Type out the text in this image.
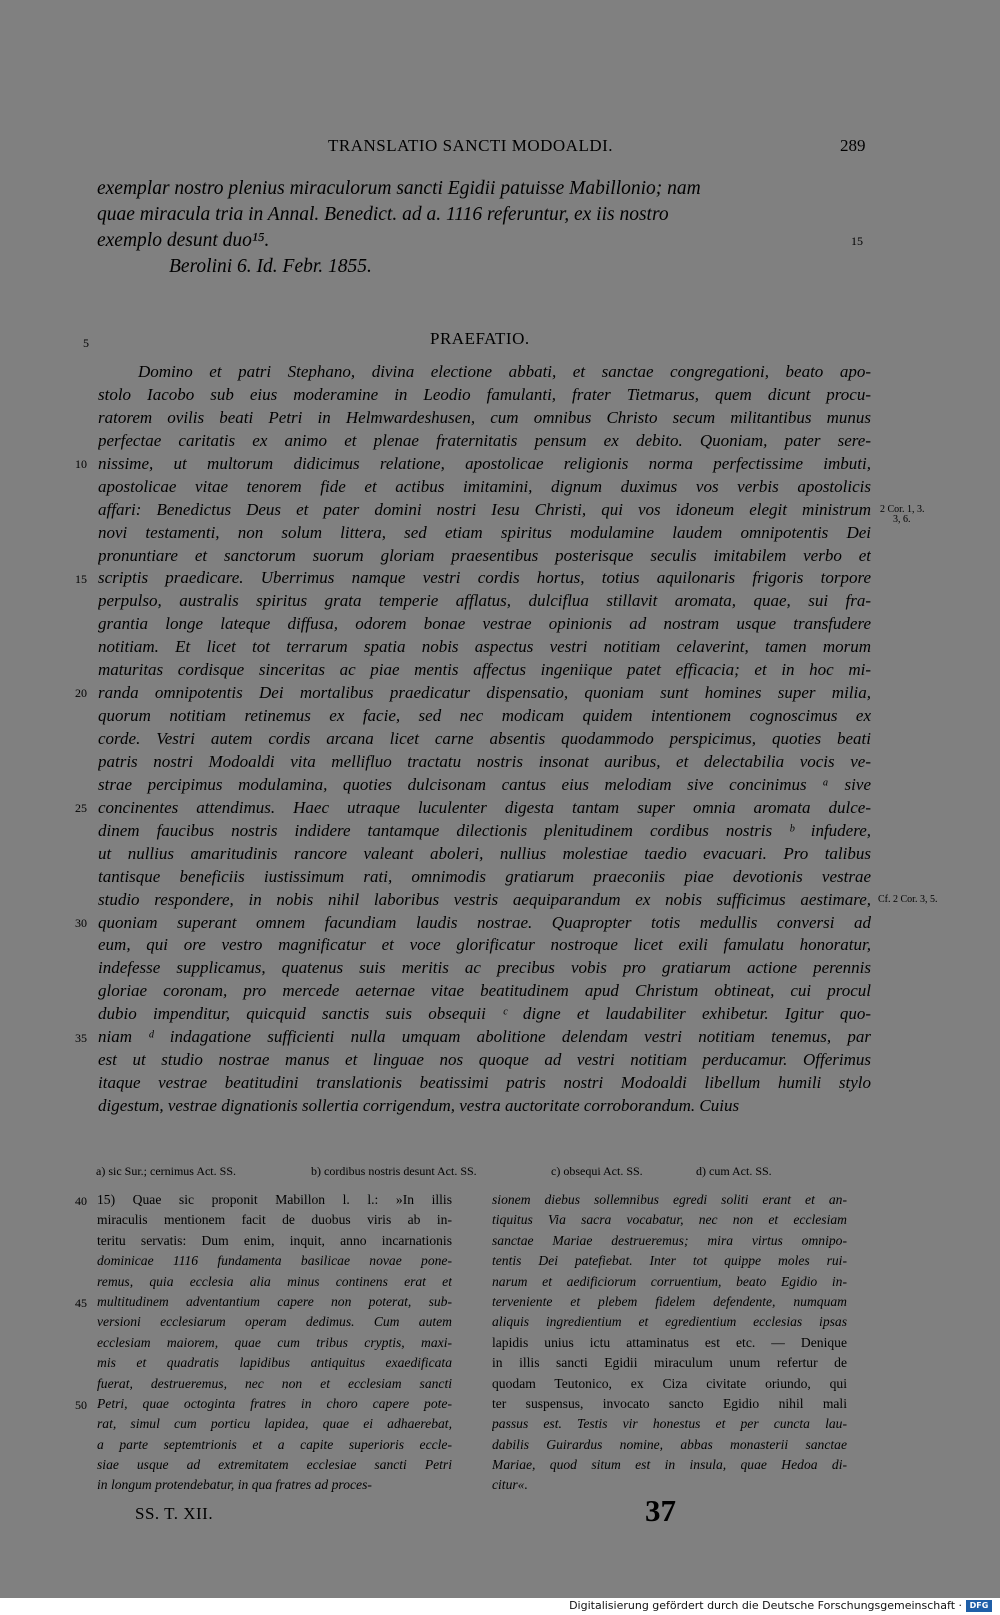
TRANSLATIO SANCTI MODOALDI.	289
exemplar nostro plenius miraculorum sancti Egidii patuisse Mabillonio; nam
quae miracula tria in Annal. Benedict. ad a. 1116 referuntur, ex iis nostro
exemplo desunt duo¹⁵.
Berolini 6. Id. Febr. 1855.
15
5	PRAEFATIO.
Domino et patri Stephano, divina electione abbati, et sanctae congregationi, beato apo-
stolo Iacobo sub eius moderamine in Leodio famulanti, frater Tietmarus, quem dicunt procu-
ratorem ovilis beati Petri in Helmwardeshusen, cum omnibus Christo secum militantibus munus
perfectae caritatis ex animo et plenae fraternitatis pensum ex debito. Quoniam, pater sere-
nissime, ut multorum didicimus relatione, apostolicae religionis norma perfectissime imbuti,
apostolicae vitae tenorem fide et actibus imitamini, dignum duximus vos verbis apostolicis
affari: Benedictus Deus et pater domini nostri Iesu Christi, qui vos idoneum elegit ministrum
novi testamenti, non solum littera, sed etiam spiritus modulamine laudem omnipotentis Dei
pronuntiare et sanctorum suorum gloriam praesentibus posterisque seculis imitabilem verbo et
scriptis praedicare. Uberrimus namque vestri cordis hortus, totius aquilonaris frigoris torpore
perpulso, australis spiritus grata temperie afflatus, dulciflua stillavit aromata, quae, sui fra-
grantia longe lateque diffusa, odorem bonae vestrae opinionis ad nostram usque transfudere
notitiam. Et licet tot terrarum spatia nobis aspectus vestri notitiam celaverint, tamen morum
maturitas cordisque sinceritas ac piae mentis affectus ingeniique patet efficacia; et in hoc mi-
randa omnipotentis Dei mortalibus praedicatur dispensatio, quoniam sunt homines super milia,
quorum notitiam retinemus ex facie, sed nec modicam quidem intentionem cognoscimus ex
corde. Vestri autem cordis arcana licet carne absentis quodammodo perspicimus, quoties beati
patris nostri Modoaldi vita mellifluo tractatu nostris insonat auribus, et delectabilia vocis ve-
strae percipimus modulamina, quoties dulcisonam cantus eius melodiam sive concinimus ᵃ sive
concinentes attendimus. Haec utraque luculenter digesta tantam super omnia aromata dulce-
dinem faucibus nostris indidere tantamque dilectionis plenitudinem cordibus nostris ᵇ infudere,
ut nullius amaritudinis rancore valeant aboleri, nullius molestiae taedio evacuari. Pro talibus
tantisque beneficiis iustissimum rati, omnimodis gratiarum praeconiis piae devotionis vestrae
studio respondere, in nobis nihil laboribus vestris aequiparandum ex nobis sufficimus aestimare,
quoniam superant omnem facundiam laudis nostrae. Quapropter totis medullis conversi ad
eum, qui ore vestro magnificatur et voce glorificatur nostroque licet exili famulatu honoratur,
indefesse supplicamus, quatenus suis meritis ac precibus vobis pro gratiarum actione perennis
gloriae coronam, pro mercede aeternae vitae beatitudinem apud Christum obtineat, cui procul
dubio impenditur, quicquid sanctis suis obsequii ᶜ digne et laudabiliter exhibetur. Igitur quo-
niam ᵈ indagatione sufficienti nulla umquam abolitione delendam vestri notitiam tenemus, par
est ut studio nostrae manus et linguae nos quoque ad vestri notitiam perducamur. Offerimus
itaque vestrae beatitudini translationis beatissimi patris nostri Modoaldi libellum humili stylo
digestum, vestrae dignationis sollertia corrigendum, vestra auctoritate corroborandum. Cuius
10
15
20
25
30
35
2 Cor. 1, 3.
3, 6.
Cf. 2 Cor. 3, 5.
a) sic Sur.; cernimus Act. SS.	b) cordibus nostris desunt Act. SS.	c) obsequi Act. SS.	d) cum Act. SS.
15) Quae sic proponit Mabillon l. l.: »In illis
miraculis mentionem facit de duobus viris ab in-
teritu servatis: Dum enim, inquit, anno incarnationis
dominicae 1116 fundamenta basilicae novae pone-
remus, quia ecclesia alia minus continens erat et
multitudinem adventantium capere non poterat, sub-
versioni ecclesiarum operam dedimus. Cum autem
ecclesiam maiorem, quae cum tribus cryptis, maxi-
mis et quadratis lapidibus antiquitus exaedificata
fuerat, destrueremus, nec non et ecclesiam sancti
Petri, quae octoginta fratres in choro capere pote-
rat, simul cum porticu lapidea, quae ei adhaerebat,
a parte septemtrionis et a capite superioris eccle-
siae usque ad extremitatem ecclesiae sancti Petri
in longum protendebatur, in qua fratres ad proces-
sionem diebus sollemnibus egredi soliti erant et an-
tiquitus Via sacra vocabatur, nec non et ecclesiam
sanctae Mariae destrueremus; mira virtus omnipo-
tentis Dei patefiebat. Inter tot quippe moles rui-
narum et aedificiorum corruentium, beato Egidio in-
terveniente et plebem fidelem defendente, numquam
aliquis ingredientium et egredientium ecclesias ipsas
lapidis unius ictu attaminatus est etc. — Denique
in illis sancti Egidii miraculum unum refertur de
quodam Teutonico, ex Ciza civitate oriundo, qui
ter suspensus, invocato sancto Egidio nihil mali
passus est. Testis vir honestus et per cuncta lau-
dabilis Guirardus nomine, abbas monasterii sanctae
Mariae, quod situm est in insula, quae Hedoa di-
citur«.
40
45
50
SS. T. XII.	37
Digitalisierung gefördert durch die Deutsche Forschungsgemeinschaft · DFG
